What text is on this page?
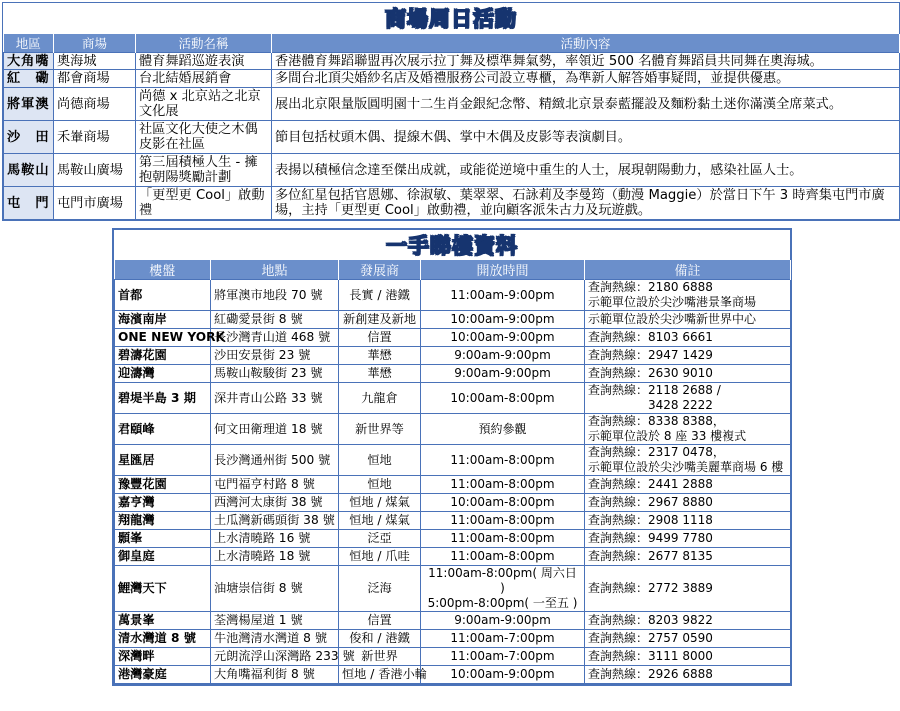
商場周日活動
地區	商場	活動名稱	活動內容
大角嘴	奧海城	體育舞蹈巡遊表演	香港體育舞蹈聯盟再次展示拉丁舞及標準舞氣勢，率領近 500 名體育舞蹈員共同舞在奧海城。
紅　磡	都會商場	台北結婚展銷會	多間台北頂尖婚紗名店及婚禮服務公司設立專櫃，為準新人解答婚事疑問，並提供優惠。
將軍澳	尚德商場	尚德 x 北京站之北京文化展	展出北京限量版圓明園十二生肖金銀紀念幣、精緻北京景泰藍擺設及麵粉黏土迷你滿漢全席菜式。
沙　田	禾輋商場	社區文化大使之木偶皮影在社區	節目包括杖頭木偶、提線木偶、掌中木偶及皮影等表演劇目。
馬鞍山	馬鞍山廣場	第三屆積極人生 - 擁抱朝陽獎勵計劃	表揚以積極信念達至傑出成就，或能從逆境中重生的人士，展現朝陽動力，感染社區人士。
屯　門	屯門市廣場	「更型更 Cool」啟動禮	多位紅星包括官恩娜、徐淑敏、葉翠翠、石詠莉及李曼筠（動漫 Maggie）於當日下午 3 時齊集屯門市廣場，主持「更型更 Cool」啟動禮，並向顧客派朱古力及玩遊戲。
一手睇樓資料
樓盤	地點	發展商	開放時間	備註
首都	將軍澳市地段 70 號	長實 / 港鐵	11:00am-9:00pm	查詢熱線：2180 6888
示範單位設於尖沙嘴港景峯商場
海濱南岸	紅磡愛景街 8 號	新創建及新地	10:00am-9:00pm	示範單位設於尖沙嘴新世界中心
ONE NEW YORK	長沙灣青山道 468 號	信置	10:00am-9:00pm	查詢熱線：8103 6661
碧濤花園	沙田安景街 23 號	華懋	9:00am-9:00pm	查詢熱線：2947 1429
迎濤灣	馬鞍山鞍駿街 23 號	華懋	9:00am-9:00pm	查詢熱線：2630 9010
碧堤半島 3 期	深井青山公路 33 號	九龍倉	10:00am-8:00pm	查詢熱線：2118 2688 /
　　　　　3428 2222
君頤峰	何文田衛理道 18 號	新世界等	預約參觀	查詢熱線：8338 8388，
示範單位設於 8 座 33 樓複式
星匯居	長沙灣通州街 500 號	恒地	11:00am-8:00pm	查詢熱線：2317 0478，
示範單位設於尖沙嘴美麗華商場 6 樓
豫豐花園	屯門福亨村路 8 號	恒地	11:00am-8:00pm	查詢熱線：2441 2888
嘉亨灣	西灣河太康街 38 號	恒地 / 煤氣	10:00am-8:00pm	查詢熱線：2967 8880
翔龍灣	土瓜灣新碼頭街 38 號	恒地 / 煤氣	11:00am-8:00pm	查詢熱線：2908 1118
顥峯	上水清曉路 16 號	泛亞	11:00am-8:00pm	查詢熱線：9499 7780
御皇庭	上水清曉路 18 號	恒地 / 爪哇	11:00am-8:00pm	查詢熱線：2677 8135
鯉灣天下	油塘崇信街 8 號	泛海	11:00am-8:00pm( 周六日 )
5:00pm-8:00pm( 一至五 )	查詢熱線：2772 3889
萬景峯	荃灣楊屋道 1 號	信置	9:00am-9:00pm	查詢熱線：8203 9822
清水灣道 8 號	牛池灣清水灣道 8 號	俊和 / 港鐵	11:00am-7:00pm	查詢熱線：2757 0590
深灣畔	元朗流浮山深灣路 233 號	新世界	11:00am-7:00pm	查詢熱線：3111 8000
港灣豪庭	大角嘴福利街 8 號	恒地 / 香港小輪	10:00am-9:00pm	查詢熱線：2926 6888
